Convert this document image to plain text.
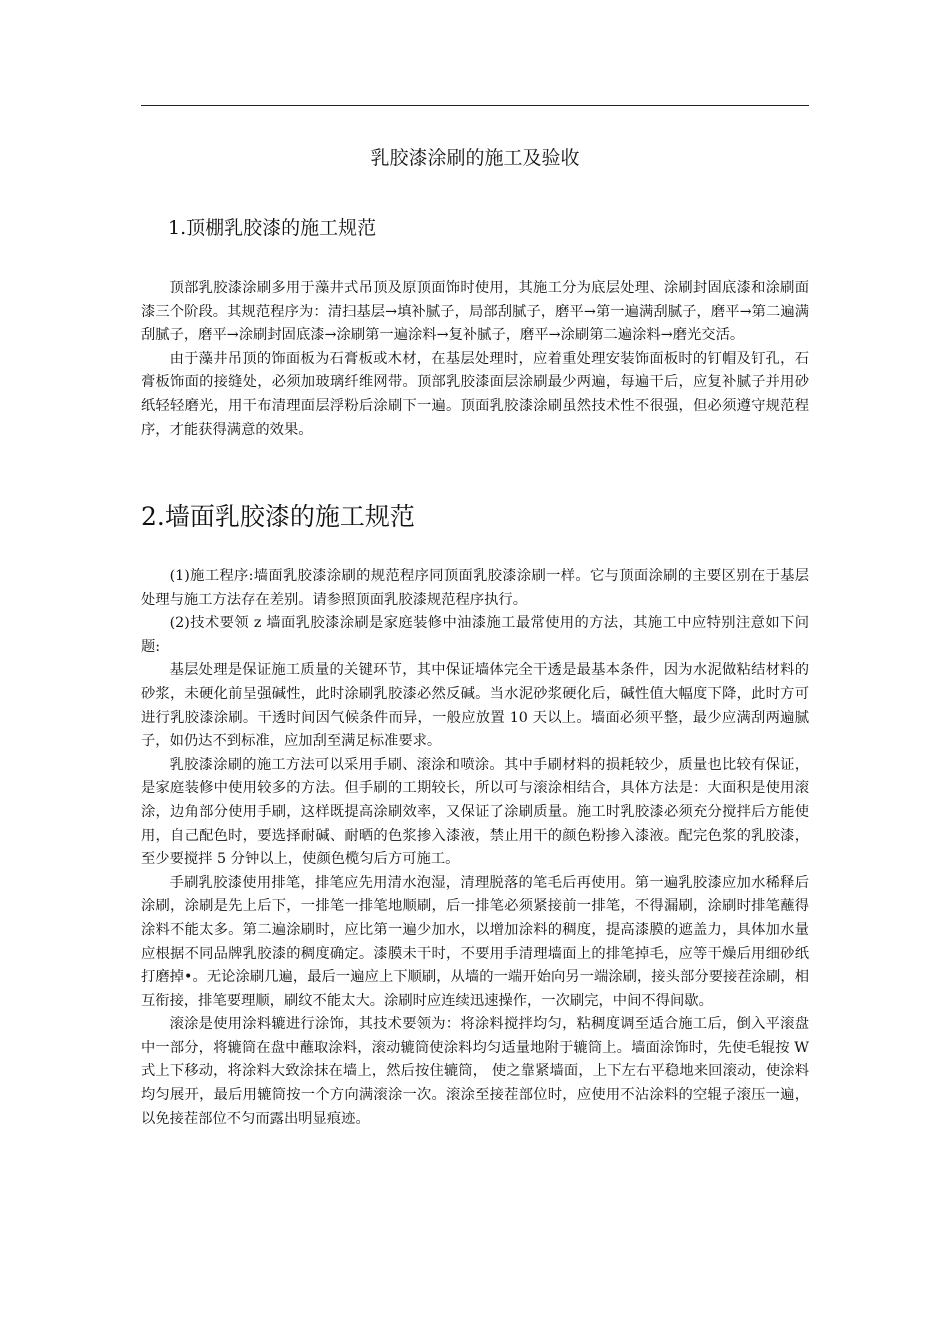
乳胶漆涂刷的施工及验收
1.顶棚乳胶漆的施工规范

顶部乳胶漆涂刷多用于藻井式吊顶及原顶面饰时使用，其施工分为底层处理、涂刷封固底漆和涂刷面漆三个阶段。其规范程序为：清扫基层→填补腻子，局部刮腻子，磨平→第一遍满刮腻子，磨平→第二遍满刮腻子，磨平→涂刷封固底漆→涂刷第一遍涂料→复补腻子，磨平→涂刷第二遍涂料→磨光交活。

由于藻井吊顶的饰面板为石膏板或木材，在基层处理时，应着重处理安装饰面板时的钉帽及钉孔，石膏板饰面的接缝处，必须加玻璃纤维网带。顶部乳胶漆面层涂刷最少两遍，每遍干后，应复补腻子并用砂纸轻轻磨光，用干布清理面层浮粉后涂刷下一遍。顶面乳胶漆涂刷虽然技术性不很强，但必须遵守规范程序，才能获得满意的效果。

2.墙面乳胶漆的施工规范

(1)施工程序:墙面乳胶漆涂刷的规范程序同顶面乳胶漆涂刷一样。它与顶面涂刷的主要区别在于基层处理与施工方法存在差别。请参照顶面乳胶漆规范程序执行。

(2)技术要领 z 墙面乳胶漆涂刷是家庭装修中油漆施工最常使用的方法，其施工中应特别注意如下问题:

基层处理是保证施工质量的关键环节，其中保证墙体完全干透是最基本条件，因为水泥做粘结材料的砂浆，未硬化前呈强碱性，此时涂刷乳胶漆必然反碱。当水泥砂浆硬化后，碱性值大幅度下降，此时方可进行乳胶漆涂刷。干透时间因气候条件而异，一般应放置 10 天以上。墙面必须平整，最少应满刮两遍腻子，如仍达不到标准，应加刮至满足标准要求。

乳胶漆涂刷的施工方法可以采用手刷、滚涂和喷涂。其中手刷材料的损耗较少，质量也比较有保证，是家庭装修中使用较多的方法。但手刷的工期较长，所以可与滚涂相结合，具体方法是：大面积是使用滚涂，边角部分使用手刷，这样既提高涂刷效率，又保证了涂刷质量。施工时乳胶漆必须充分搅拌后方能使用，自己配色时，要选择耐碱、耐晒的色浆掺入漆液，禁止用干的颜色粉掺入漆液。配完色浆的乳胶漆，至少要搅拌 5 分钟以上，使颜色榄匀后方可施工。

手刷乳胶漆使用排笔，排笔应先用清水泡湿，清理脱落的笔毛后再使用。第一遍乳胶漆应加水稀释后涂刷，涂刷是先上后下，一排笔一排笔地顺刷，后一排笔必须紧接前一排笔，不得漏刷，涂刷时排笔蘸得涂料不能太多。第二遍涂刷时，应比第一遍少加水，以增加涂料的稠度，提高漆膜的遮盖力，具体加水量应根据不同品牌乳胶漆的稠度确定。漆膜未干时，不要用手清理墙面上的排笔掉毛，应等干燥后用细砂纸打磨掉•。无论涂刷几遍，最后一遍应上下顺刷，从墙的一端开始向另一端涂刷，接头部分要接茬涂刷，相互衔接，排笔要理顺，刷纹不能太大。涂刷时应连续迅速操作，一次刷完，中间不得间歇。

滚涂是使用涂料辘进行涂饰，其技术要领为：将涂料搅拌均匀，粘稠度调至适合施工后，倒入平滚盘中一部分，将辘筒在盘中蘸取涂料，滚动辘筒使涂料均匀适量地附于辘筒上。墙面涂饰时，先使毛辊按 W 式上下移动，将涂料大致涂抹在墙上，然后按住辘筒， 使之靠紧墙面，上下左右平稳地来回滚动，使涂料均匀展开，最后用辘筒按一个方向满滚涂一次。滚涂至接茬部位时，应使用不沾涂料的空辊子滚压一遍，以免接茬部位不匀而露出明显痕迹。
